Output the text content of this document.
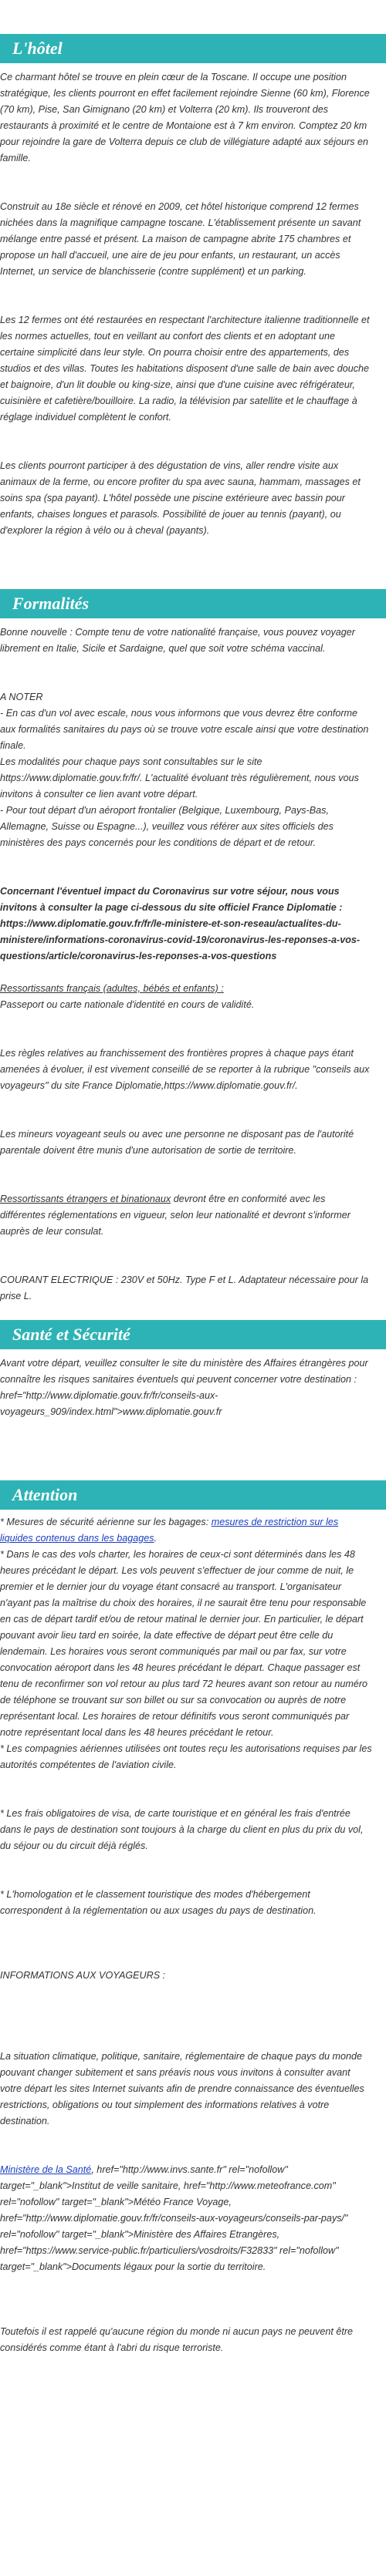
L'hôtel

Ce charmant hôtel se trouve en plein cœur de la Toscane. Il occupe une position stratégique, les clients pourront en effet facilement rejoindre Sienne (60 km), Florence (70 km), Pise, San Gimignano (20 km) et Volterra (20 km). Ils trouveront des restaurants à proximité et le centre de Montaione est à 7 km environ. Comptez 20 km pour rejoindre la gare de Volterra depuis ce club de villégiature adapté aux séjours en famille.

Construit au 18e siècle et rénové en 2009, cet hôtel historique comprend 12 fermes nichées dans la magnifique campagne toscane. L'établissement présente un savant mélange entre passé et présent. La maison de campagne abrite 175 chambres et propose un hall d'accueil, une aire de jeu pour enfants, un restaurant, un accès Internet, un service de blanchisserie (contre supplément) et un parking.

Les 12 fermes ont été restaurées en respectant l'architecture italienne traditionnelle et les normes actuelles, tout en veillant au confort des clients et en adoptant une certaine simplicité dans leur style. On pourra choisir entre des appartements, des studios et des villas. Toutes les habitations disposent d'une salle de bain avec douche et baignoire, d'un lit double ou king-size, ainsi que d'une cuisine avec réfrigérateur, cuisinière et cafetière/bouilloire. La radio, la télévision par satellite et le chauffage à réglage individuel complètent le confort.

Les clients pourront participer à des dégustation de vins, aller rendre visite aux animaux de la ferme, ou encore profiter du spa avec sauna, hammam, massages et soins spa (spa payant). L'hôtel possède une piscine extérieure avec bassin pour enfants, chaises longues et parasols. Possibilité de jouer au tennis (payant), ou d'explorer la région à vélo ou à cheval (payants).

Formalités

Bonne nouvelle : Compte tenu de votre nationalité française, vous pouvez voyager librement en Italie, Sicile et Sardaigne, quel que soit votre schéma vaccinal.

A NOTER

- En cas d'un vol avec escale, nous vous informons que vous devrez être conforme aux formalités sanitaires du pays où se trouve votre escale ainsi que votre destination finale.

Les modalités pour chaque pays sont consultables sur le site https://www.diplomatie.gouv.fr/fr/. L'actualité évoluant très régulièrement, nous vous invitons à consulter ce lien avant votre départ.

- Pour tout départ d'un aéroport frontalier (Belgique, Luxembourg, Pays-Bas, Allemagne, Suisse ou Espagne...), veuillez vous référer aux sites officiels des ministères des pays concernés pour les conditions de départ et de retour.

Concernant l'éventuel impact du Coronavirus sur votre séjour, nous vous invitons à consulter la page ci-dessous du site officiel France Diplomatie : https://www.diplomatie.gouv.fr/fr/le-ministere-et-son-reseau/actualites-du-ministere/informations-coronavirus-covid-19/coronavirus-les-reponses-a-vos-questions/article/coronavirus-les-reponses-a-vos-questions

Ressortissants français (adultes, bébés et enfants) :

Passeport ou carte nationale d'identité en cours de validité.

Les règles relatives au franchissement des frontières propres à chaque pays étant amenées à évoluer, il est vivement conseillé de se reporter à la rubrique "conseils aux voyageurs" du site France Diplomatie,https://www.diplomatie.gouv.fr/.

Les mineurs voyageant seuls ou avec une personne ne disposant pas de l'autorité parentale doivent être munis d'une autorisation de sortie de territoire.

Ressortissants étrangers et binationaux devront être en conformité avec les différentes réglementations en vigueur, selon leur nationalité et devront s'informer auprès de leur consulat.

COURANT ELECTRIQUE : 230V et 50Hz. Type F et L. Adaptateur nécessaire pour la prise L.

Santé et Sécurité

Avant votre départ, veuillez consulter le site du ministère des Affaires étrangères pour connaître les risques sanitaires éventuels qui peuvent concerner votre destination : href="http://www.diplomatie.gouv.fr/fr/conseils-aux-voyageurs_909/index.html">www.diplomatie.gouv.fr

Attention

* Mesures de sécurité aérienne sur les bagages: mesures de restriction sur les liquides contenus dans les bagages.

* Dans le cas des vols charter, les horaires de ceux-ci sont déterminés dans les 48 heures précédant le départ. Les vols peuvent s'effectuer de jour comme de nuit, le premier et le dernier jour du voyage étant consacré au transport. L'organisateur n'ayant pas la maîtrise du choix des horaires, il ne saurait être tenu pour responsable en cas de départ tardif et/ou de retour matinal le dernier jour. En particulier, le départ pouvant avoir lieu tard en soirée, la date effective de départ peut être celle du lendemain. Les horaires vous seront communiqués par mail ou par fax, sur votre convocation aéroport dans les 48 heures précédant le départ. Chaque passager est tenu de reconfirmer son vol retour au plus tard 72 heures avant son retour au numéro de téléphone se trouvant sur son billet ou sur sa convocation ou auprès de notre représentant local. Les horaires de retour définitifs vous seront communiqués par notre représentant local dans les 48 heures précédant le retour.

* Les compagnies aériennes utilisées ont toutes reçu les autorisations requises par les autorités compétentes de l'aviation civile.

* Les frais obligatoires de visa, de carte touristique et en général les frais d'entrée dans le pays de destination sont toujours à la charge du client en plus du prix du vol, du séjour ou du circuit déjà réglés.

* L'homologation et le classement touristique des modes d'hébergement correspondent à la réglementation ou aux usages du pays de destination.

INFORMATIONS AUX VOYAGEURS :

La situation climatique, politique, sanitaire, réglementaire de chaque pays du monde pouvant changer subitement et sans préavis nous vous invitons à consulter avant votre départ les sites Internet suivants afin de prendre connaissance des éventuelles restrictions, obligations ou tout simplement des informations relatives à votre destination.

Ministère de la Santé, href="http://www.invs.sante.fr" rel="nofollow" target="_blank">Institut de veille sanitaire, href="http://www.meteofrance.com" rel="nofollow" target="_blank">Météo France Voyage, href="http://www.diplomatie.gouv.fr/fr/conseils-aux-voyageurs/conseils-par-pays/" rel="nofollow" target="_blank">Ministère des Affaires Etrangères, href="https://www.service-public.fr/particuliers/vosdroits/F32833" rel="nofollow" target="_blank">Documents légaux pour la sortie du territoire.

Toutefois il est rappelé qu'aucune région du monde ni aucun pays ne peuvent être considérés comme étant à l'abri du risque terroriste.
